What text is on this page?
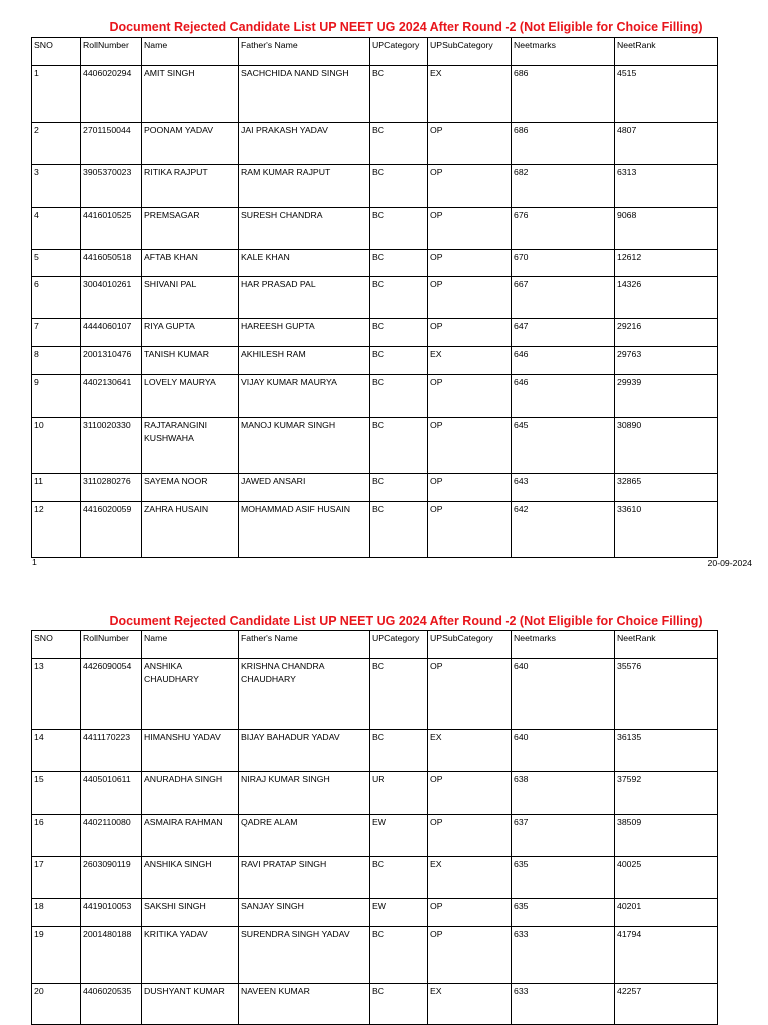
Document Rejected Candidate List UP NEET UG 2024 After Round -2 (Not Eligible for Choice Filling)
SNO	RollNumber	Name	Father's Name	UPCategory	UPSubCategory	Neetmarks	NeetRank
1	4406020294	AMIT SINGH	SACHCHIDA NAND SINGH	BC	EX	686	4515
2	2701150044	POONAM YADAV	JAI PRAKASH YADAV	BC	OP	686	4807
3	3905370023	RITIKA RAJPUT	RAM KUMAR RAJPUT	BC	OP	682	6313
4	4416010525	PREMSAGAR	SURESH CHANDRA	BC	OP	676	9068
5	4416050518	AFTAB KHAN	KALE KHAN	BC	OP	670	12612
6	3004010261	SHIVANI PAL	HAR PRASAD PAL	BC	OP	667	14326
7	4444060107	RIYA GUPTA	HAREESH GUPTA	BC	OP	647	29216
8	2001310476	TANISH KUMAR	AKHILESH RAM	BC	EX	646	29763
9	4402130641	LOVELY MAURYA	VIJAY KUMAR MAURYA	BC	OP	646	29939
10	3110020330	RAJTARANGINI KUSHWAHA	MANOJ KUMAR SINGH	BC	OP	645	30890
11	3110280276	SAYEMA NOOR	JAWED ANSARI	BC	OP	643	32865
12	4416020059	ZAHRA HUSAIN	MOHAMMAD ASIF HUSAIN	BC	OP	642	33610
1	20-09-2024
Document Rejected Candidate List UP NEET UG 2024 After Round -2 (Not Eligible for Choice Filling)
SNO	RollNumber	Name	Father's Name	UPCategory	UPSubCategory	Neetmarks	NeetRank
13	4426090054	ANSHIKA CHAUDHARY	KRISHNA CHANDRA CHAUDHARY	BC	OP	640	35576
14	4411170223	HIMANSHU YADAV	BIJAY BAHADUR YADAV	BC	EX	640	36135
15	4405010611	ANURADHA SINGH	NIRAJ KUMAR SINGH	UR	OP	638	37592
16	4402110080	ASMAIRA RAHMAN	QADRE ALAM	EW	OP	637	38509
17	2603090119	ANSHIKA SINGH	RAVI PRATAP SINGH	BC	EX	635	40025
18	4419010053	SAKSHI SINGH	SANJAY SINGH	EW	OP	635	40201
19	2001480188	KRITIKA YADAV	SURENDRA SINGH YADAV	BC	OP	633	41794
20	4406020535	DUSHYANT KUMAR	NAVEEN KUMAR	BC	EX	633	42257
